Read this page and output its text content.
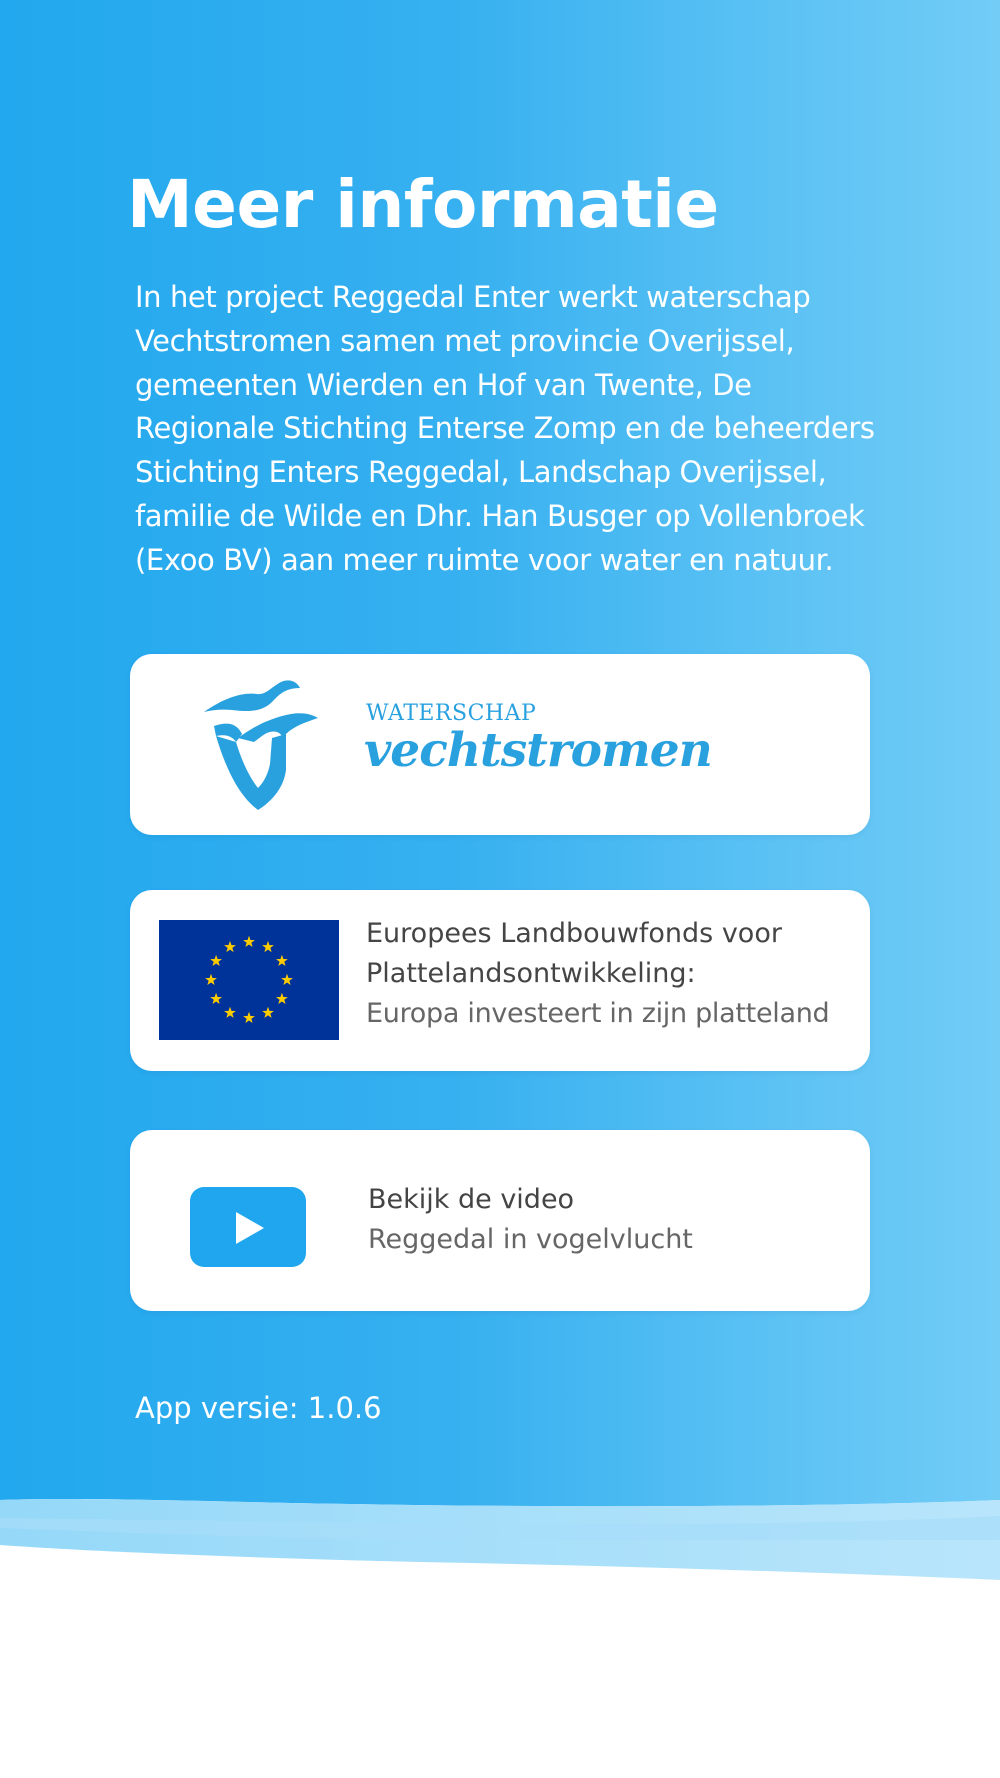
Meer informatie

In het project Reggedal Enter werkt waterschap Vechtstromen samen met provincie Overijssel, gemeenten Wierden en Hof van Twente, De Regionale Stichting Enterse Zomp en de beheerders Stichting Enters Reggedal, Landschap Overijssel, familie de Wilde en Dhr. Han Busger op Vollenbroek (Exoo BV) aan meer ruimte voor water en natuur.

WATERSCHAP
vechtstromen
Europees Landbouwfonds voor
Plattelandsontwikkeling:
Europa investeert in zijn platteland
Bekijk de video
Reggedal in vogelvlucht
App versie: 1.0.6
